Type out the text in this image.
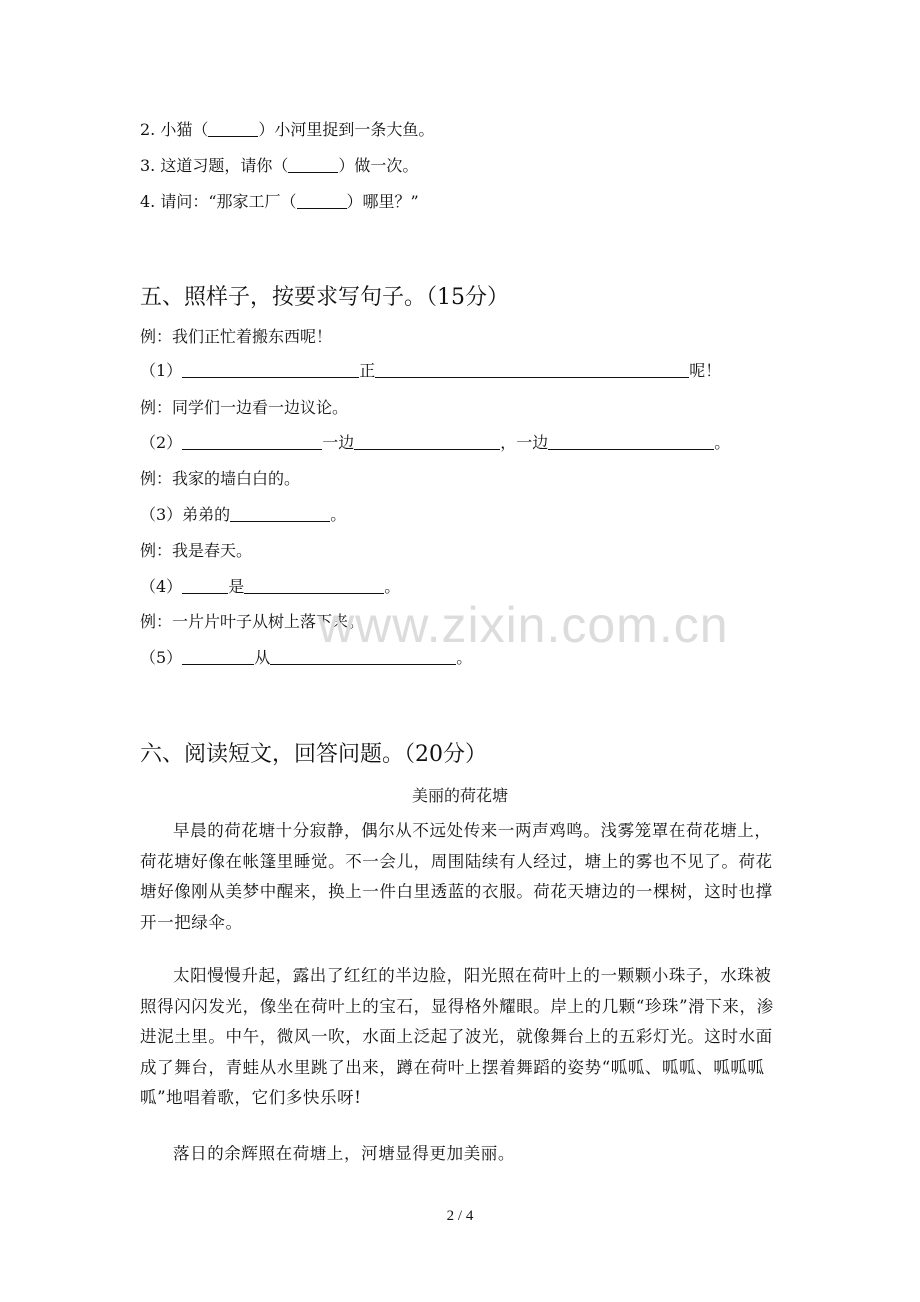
2. 小猫（	）小河里捉到一条大鱼。
3. 这道习题，请你（	）做一次。
4. 请问：“那家工厂（	）哪里？”
五、照样子，按要求写句子。（15分）
例：我们正忙着搬东西呢！
（1）	正	呢！
例：同学们一边看一边议论。
（2）	一边	，一边	。
例：我家的墙白白的。
（3）弟弟的	。
例：我是春天。
（4）	是	。
例：一片片叶子从树上落下来。
（5）	从	。
www.zixin.com.cn
六、阅读短文，回答问题。（20分）
美丽的荷花塘
早晨的荷花塘十分寂静，偶尔从不远处传来一两声鸡鸣。浅雾笼罩在荷花塘上，荷花塘好像在帐篷里睡觉。不一会儿，周围陆续有人经过，塘上的雾也不见了。荷花塘好像刚从美梦中醒来，换上一件白里透蓝的衣服。荷花天塘边的一棵树，这时也撑开一把绿伞。
太阳慢慢升起，露出了红红的半边脸，阳光照在荷叶上的一颗颗小珠子，水珠被照得闪闪发光，像坐在荷叶上的宝石，显得格外耀眼。岸上的几颗“珍珠”滑下来，渗进泥土里。中午，微风一吹，水面上泛起了波光，就像舞台上的五彩灯光。这时水面成了舞台，青蛙从水里跳了出来，蹲在荷叶上摆着舞蹈的姿势“呱呱、呱呱、呱呱呱呱”地唱着歌，它们多快乐呀!
落日的余辉照在荷塘上，河塘显得更加美丽。
2 / 4
